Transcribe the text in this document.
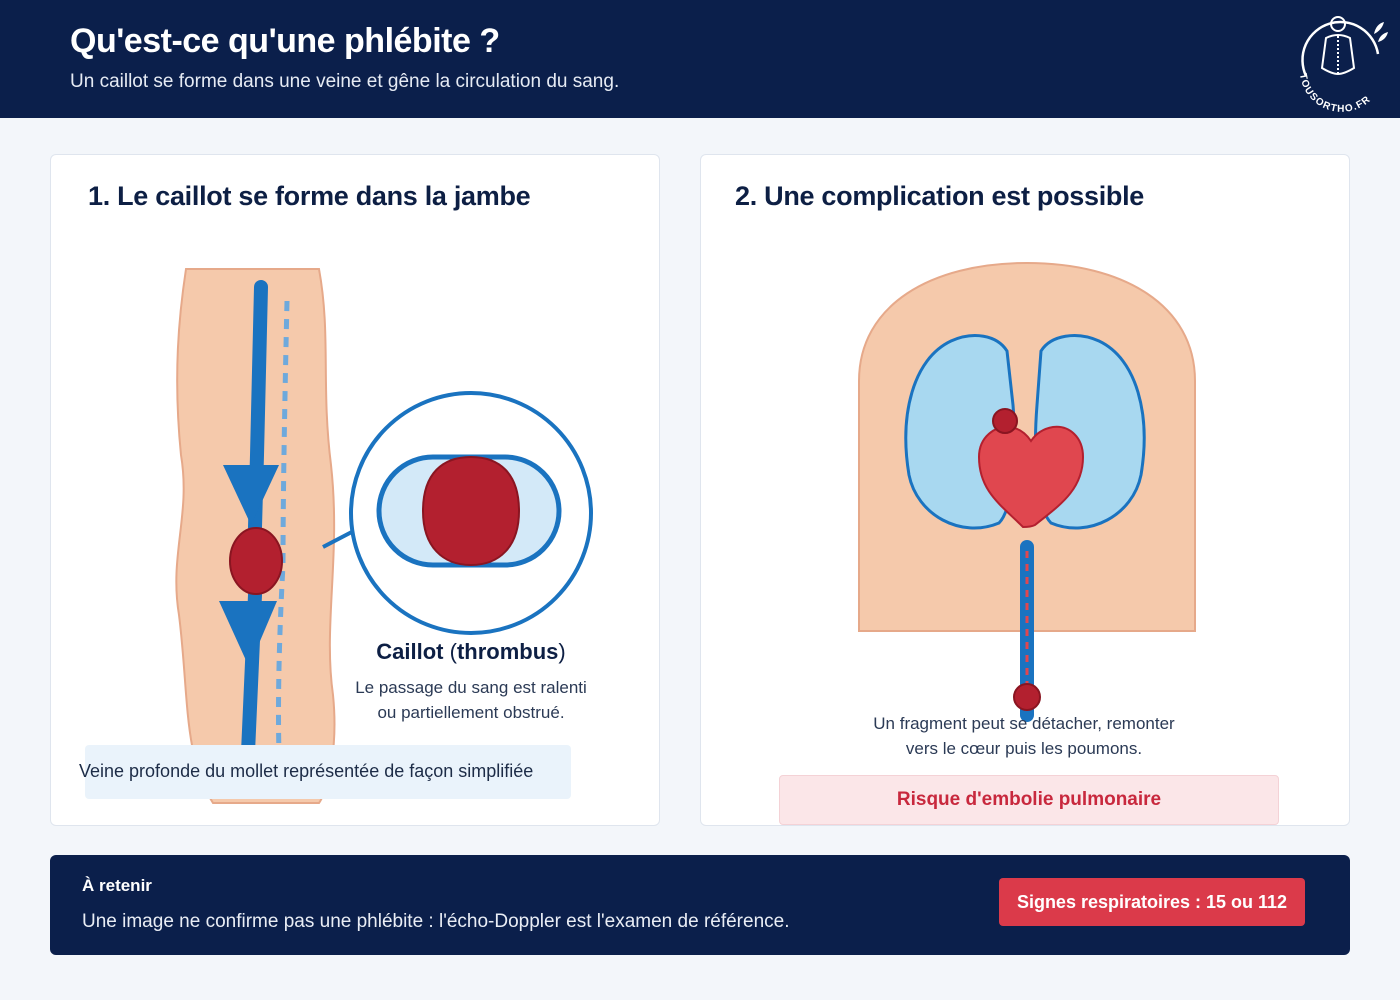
Qu'est-ce qu'une phlébite ?
Un caillot se forme dans une veine et gêne la circulation du sang.	TOUSORTHO.FR
1. Le caillot se forme dans la jambe
Caillot (thrombus)
Le passage du sang est ralenti
ou partiellement obstrué.
Veine profonde du mollet représentée de façon simplifiée
2. Une complication est possible
Un fragment peut se détacher, remonter
vers le cœur puis les poumons.
Risque d'embolie pulmonaire
À retenir
Une image ne confirme pas une phlébite : l'écho-Doppler est l'examen de référence.
Signes respiratoires : 15 ou 112
